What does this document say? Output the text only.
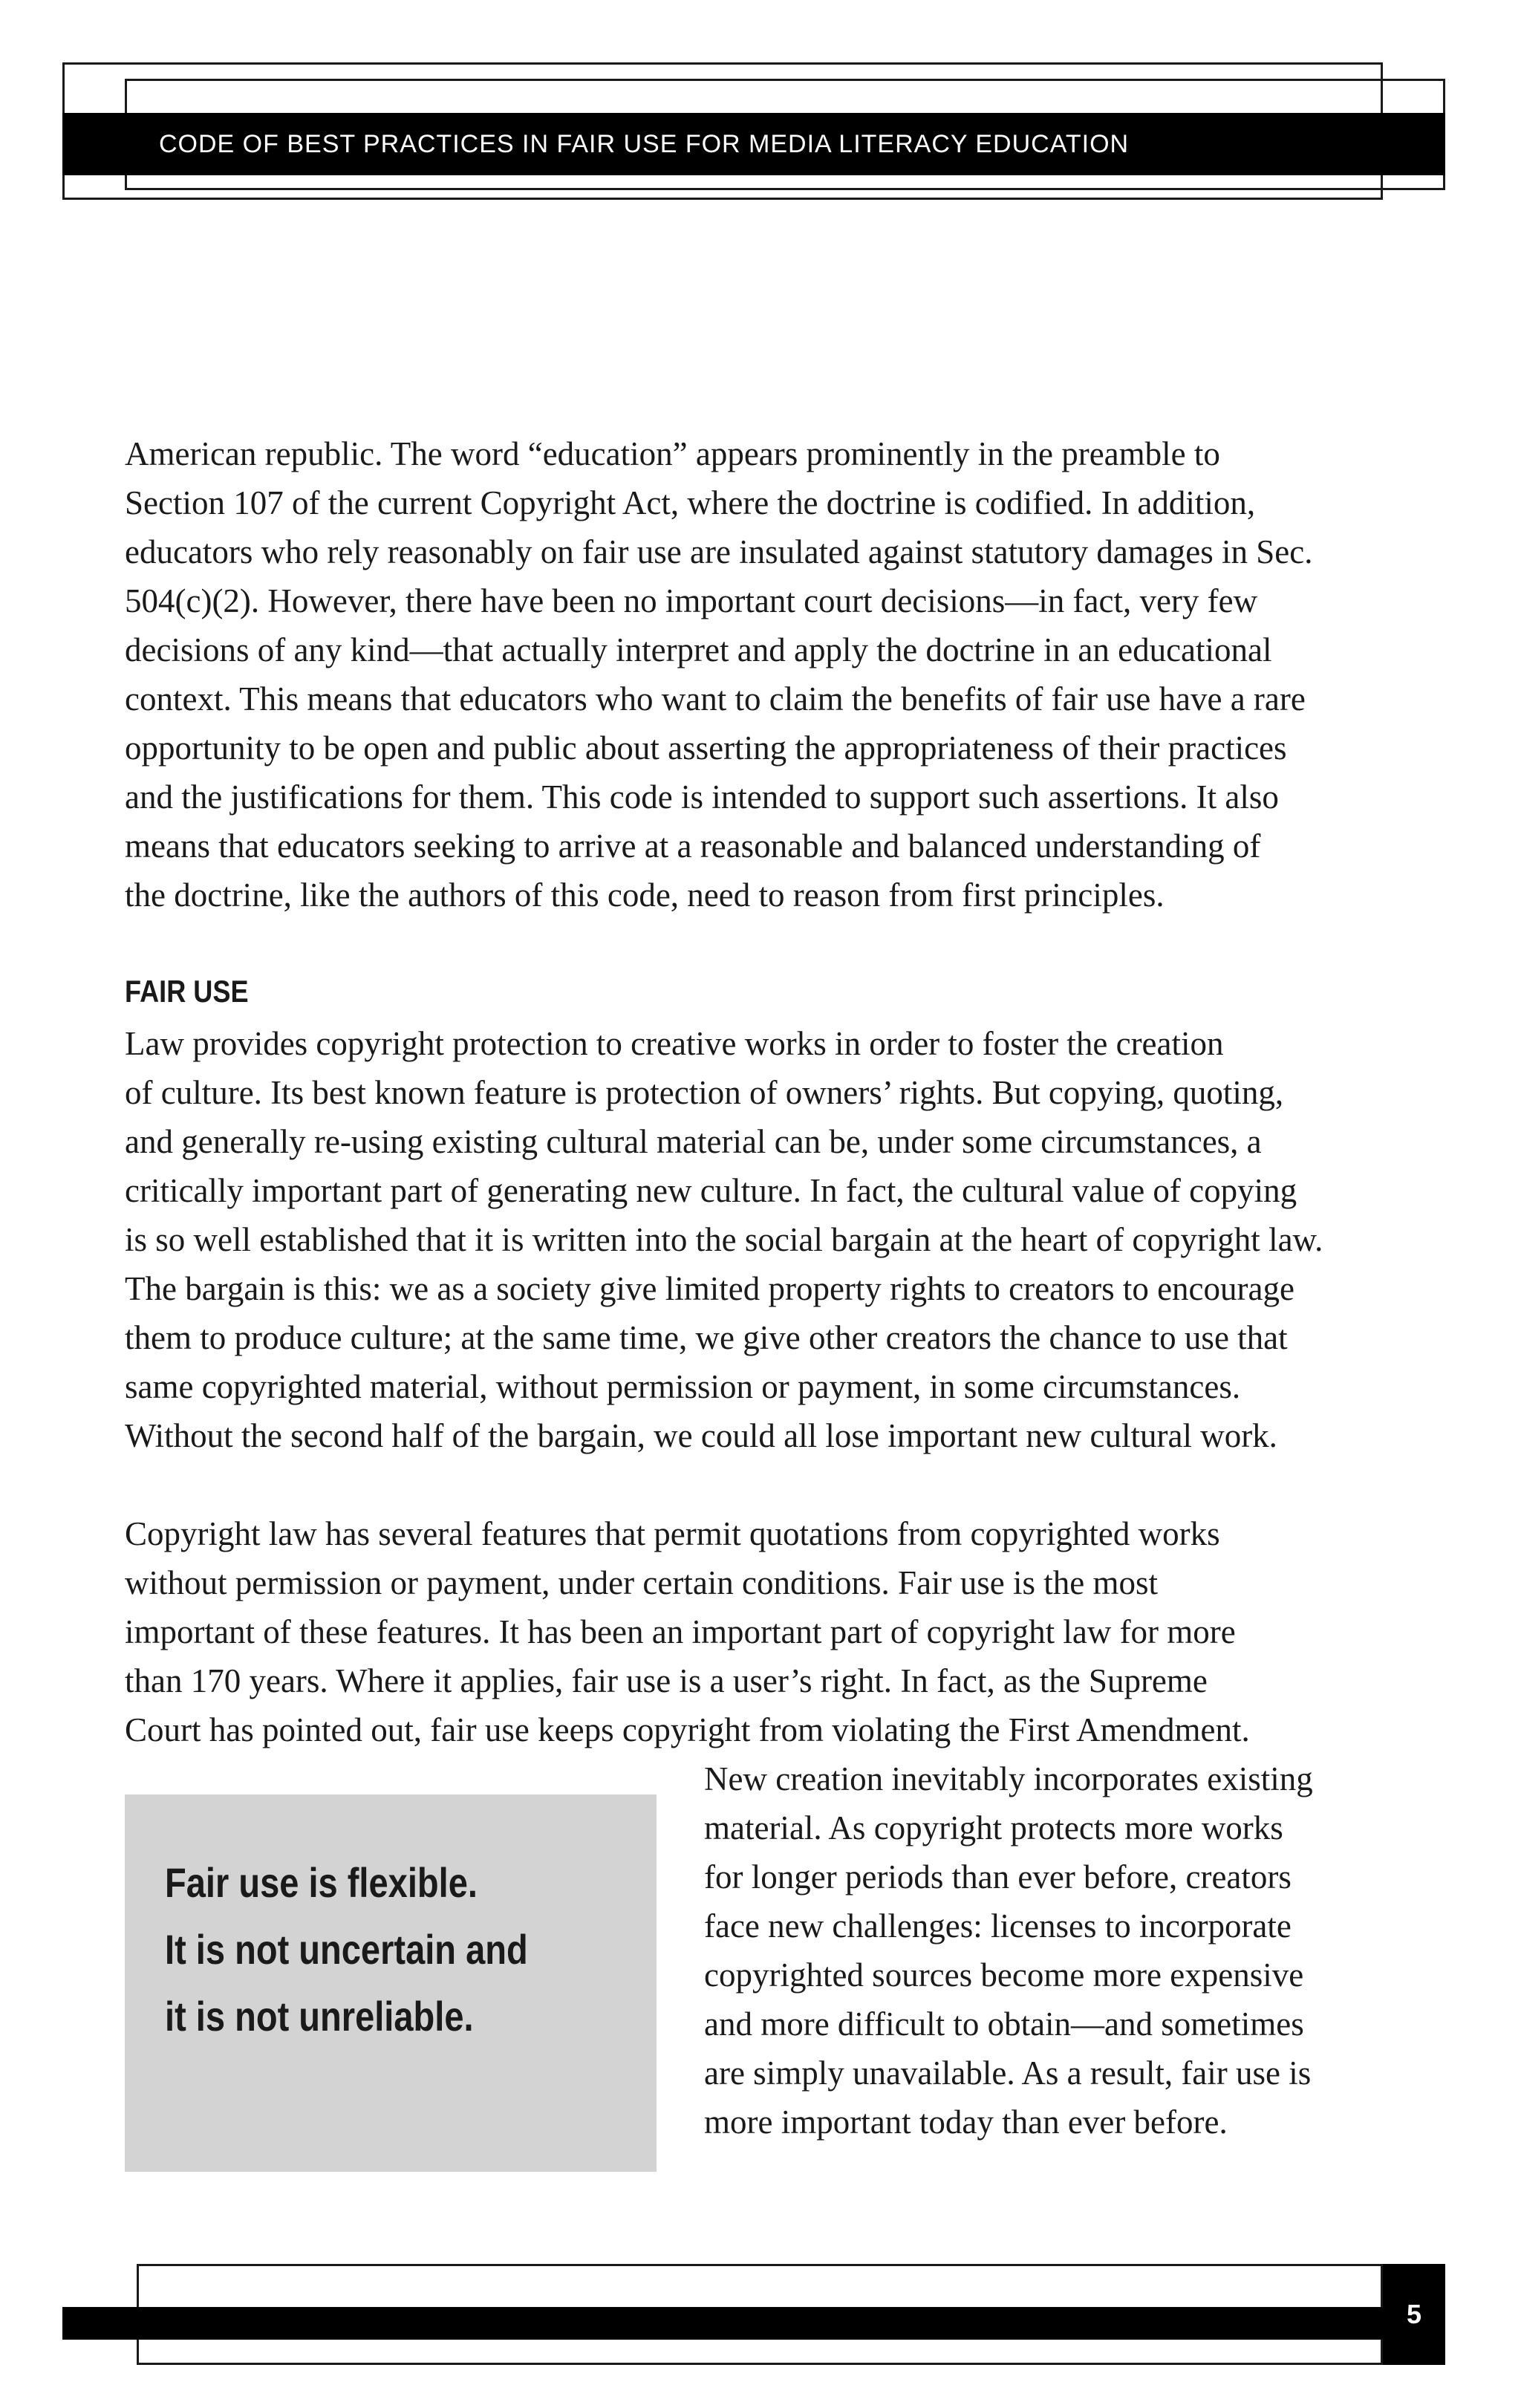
CODE OF BEST PRACTICES IN FAIR USE FOR MEDIA LITERACY EDUCATION

American republic. The word “education” appears prominently in the preamble to
Section 107 of the current Copyright Act, where the doctrine is codified. In addition,
educators who rely reasonably on fair use are insulated against statutory damages in Sec.
504(c)(2). However, there have been no important court decisions—in fact, very few
decisions of any kind—that actually interpret and apply the doctrine in an educational
context. This means that educators who want to claim the benefits of fair use have a rare
opportunity to be open and public about asserting the appropriateness of their practices
and the justifications for them. This code is intended to support such assertions. It also
means that educators seeking to arrive at a reasonable and balanced understanding of
the doctrine, like the authors of this code, need to reason from first principles.

FAIR USE

Law provides copyright protection to creative works in order to foster the creation
of culture. Its best known feature is protection of owners’ rights. But copying, quoting,
and generally re-using existing cultural material can be, under some circumstances, a
critically important part of generating new culture. In fact, the cultural value of copying
is so well established that it is written into the social bargain at the heart of copyright law.
The bargain is this: we as a society give limited property rights to creators to encourage
them to produce culture; at the same time, we give other creators the chance to use that
same copyrighted material, without permission or payment, in some circumstances.
Without the second half of the bargain, we could all lose important new cultural work.

Copyright law has several features that permit quotations from copyrighted works
without permission or payment, under certain conditions. Fair use is the most
important of these features. It has been an important part of copyright law for more
than 170 years. Where it applies, fair use is a user’s right. In fact, as the Supreme
Court has pointed out, fair use keeps copyright from violating the First Amendment.

Fair use is flexible.
It is not uncertain and
it is not unreliable.

New creation inevitably incorporates existing
material. As copyright protects more works
for longer periods than ever before, creators
face new challenges: licenses to incorporate
copyrighted sources become more expensive
and more difficult to obtain—and sometimes
are simply unavailable. As a result, fair use is
more important today than ever before.

5
